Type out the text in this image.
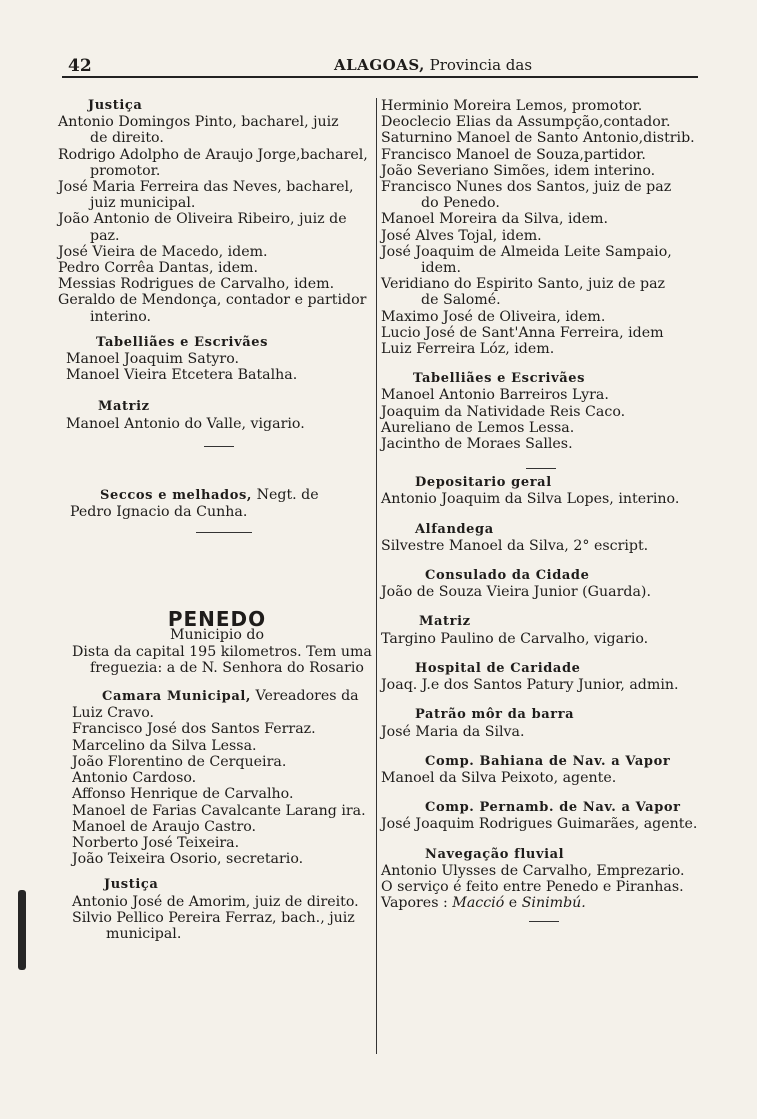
42	ALAGOAS, Provincia das
Justiça
Antonio Domingos Pinto, bacharel, juiz
de direito.
Rodrigo Adolpho de Araujo Jorge,bacharel,
promotor.
José Maria Ferreira das Neves, bacharel,
juiz municipal.
João Antonio de Oliveira Ribeiro, juiz de
paz.
José Vieira de Macedo, idem.
Pedro Corrêa Dantas, idem.
Messias Rodrigues de Carvalho, idem.
Geraldo de Mendonça, contador e partidor
interino.
Tabelliães e Escrivães
Manoel Joaquim Satyro.
Manoel Vieira Etcetera Batalha.
Matriz
Manoel Antonio do Valle, vigario.
Seccos e melhados, Negt. de
Pedro Ignacio da Cunha.
PENEDO
Municipio do
Dista da capital 195 kilometros. Tem uma
freguezia: a de N. Senhora do Rosario
Camara Municipal, Vereadores da
Luiz Cravo.
Francisco José dos Santos Ferraz.
Marcelino da Silva Lessa.
João Florentino de Cerqueira.
Antonio Cardoso.
Affonso Henrique de Carvalho.
Manoel de Farias Cavalcante Larang ira.
Manoel de Araujo Castro.
Norberto José Teixeira.
João Teixeira Osorio, secretario.
Justiça
Antonio José de Amorim, juiz de direito.
Silvio Pellico Pereira Ferraz, bach., juiz
municipal.
Herminio Moreira Lemos, promotor.
Deoclecio Elias da Assumpção,contador.
Saturnino Manoel de Santo Antonio,distrib.
Francisco Manoel de Souza,partidor.
João Severiano Simões, idem interino.
Francisco Nunes dos Santos, juiz de paz
do Penedo.
Manoel Moreira da Silva, idem.
José Alves Tojal, idem.
José Joaquim de Almeida Leite Sampaio,
idem.
Veridiano do Espirito Santo, juiz de paz
de Salomé.
Maximo José de Oliveira, idem.
Lucio José de Sant'Anna Ferreira, idem
Luiz Ferreira Lóz, idem.
Tabelliães e Escrivães
Manoel Antonio Barreiros Lyra.
Joaquim da Natividade Reis Caco.
Aureliano de Lemos Lessa.
Jacintho de Moraes Salles.
Depositario geral
Antonio Joaquim da Silva Lopes, interino.
Alfandega
Silvestre Manoel da Silva, 2° escript.
Consulado da Cidade
João de Souza Vieira Junior (Guarda).
Matriz
Targino Paulino de Carvalho, vigario.
Hospital de Caridade
Joaq. J.e dos Santos Patury Junior, admin.
Patrão môr da barra
José Maria da Silva.
Comp. Bahiana de Nav. a Vapor
Manoel da Silva Peixoto, agente.
Comp. Pernamb. de Nav. a Vapor
José Joaquim Rodrigues Guimarães, agente.
Navegação fluvial
Antonio Ulysses de Carvalho, Emprezario.
O serviço é feito entre Penedo e Piranhas.
Vapores : Macció e Sinimbú.
